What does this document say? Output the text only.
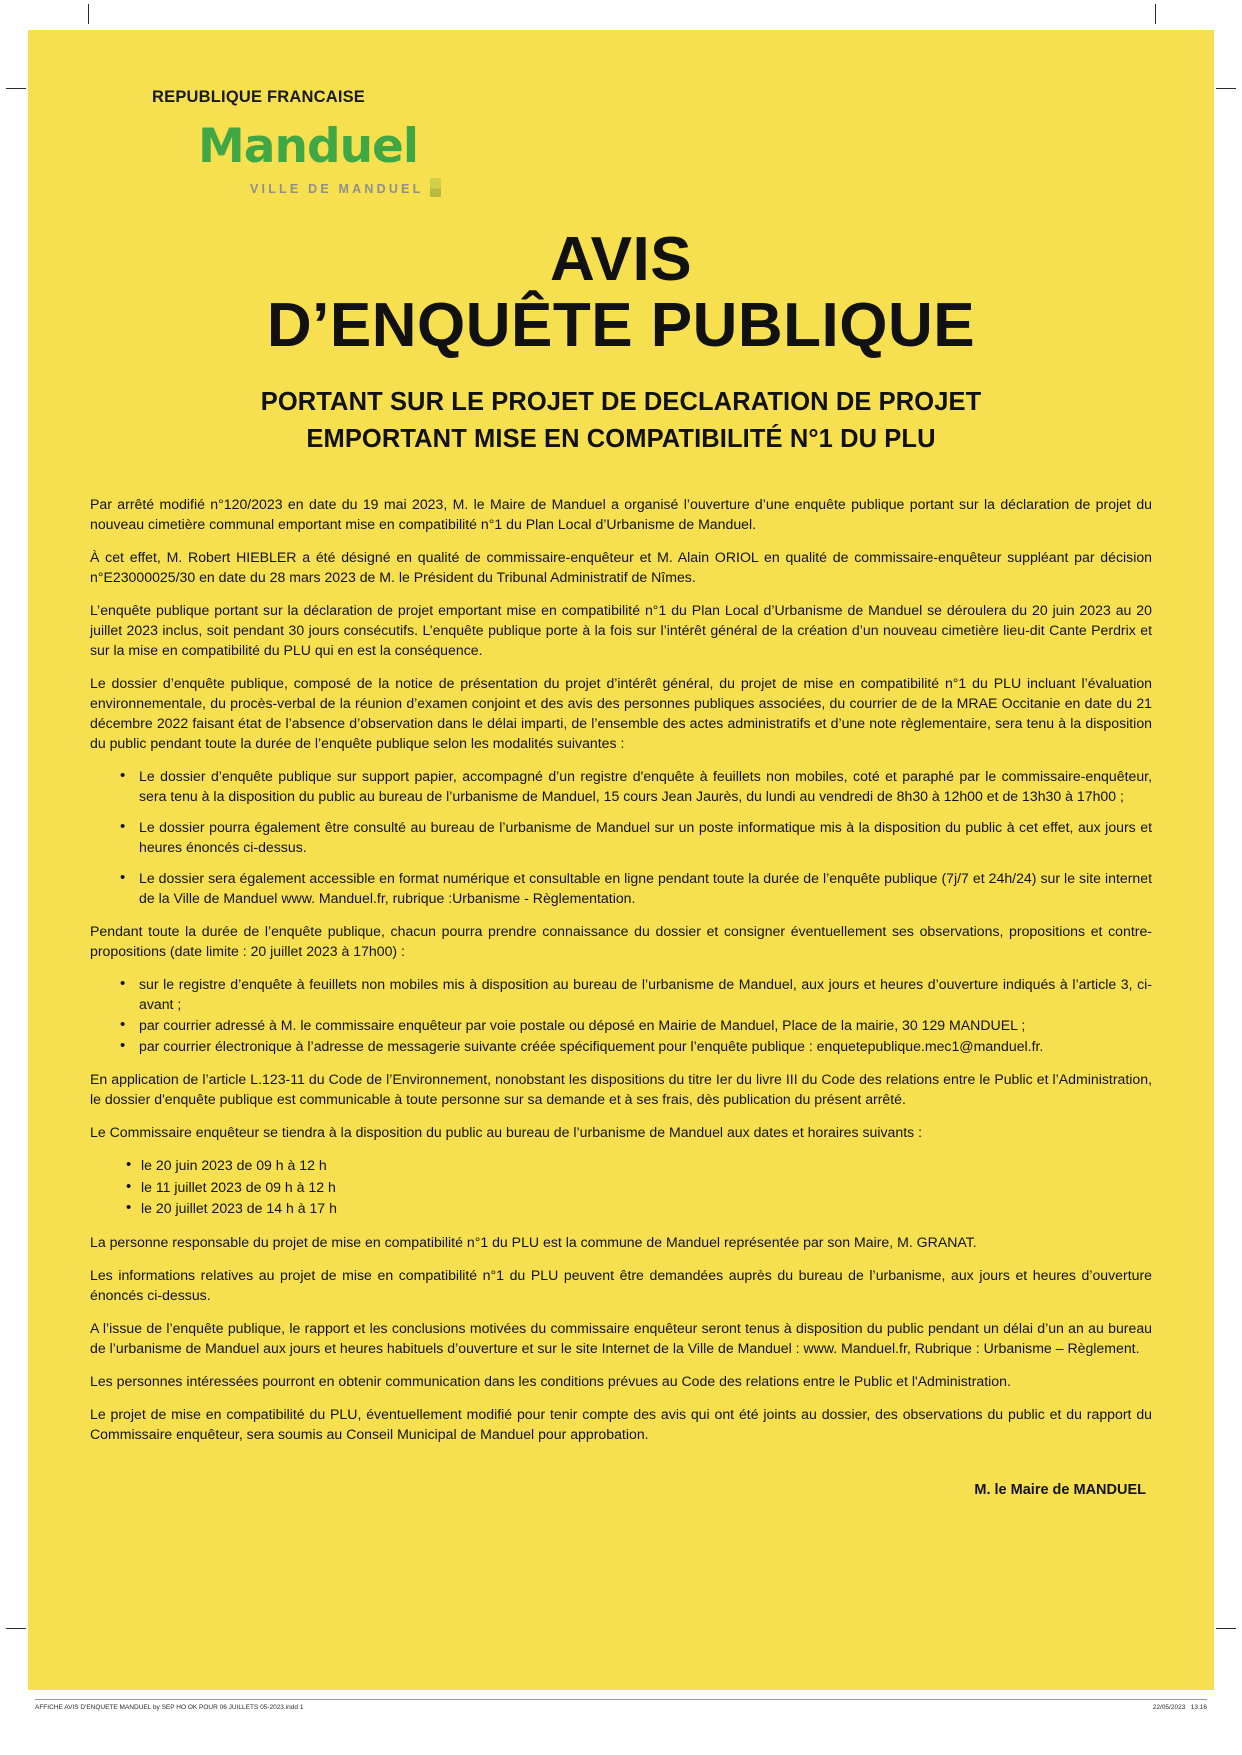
REPUBLIQUE FRANCAISE
Manduel
VILLE DE MANDUEL
AVIS
D’ENQUÊTE PUBLIQUE
PORTANT SUR LE PROJET DE DECLARATION DE PROJET
EMPORTANT MISE EN COMPATIBILITÉ N°1 DU PLU

Par arrêté modifié n°120/2023 en date du 19 mai 2023, M. le Maire de Manduel a organisé l’ouverture d’une enquête publique portant sur la déclaration de projet du nouveau cimetière communal emportant mise en compatibilité n°1 du Plan Local d’Urbanisme de Manduel.

À cet effet, M. Robert HIEBLER a été désigné en qualité de commissaire-enquêteur et M. Alain ORIOL en qualité de commissaire-enquêteur suppléant par décision n°E23000025/30 en date du 28 mars 2023 de M. le Président du Tribunal Administratif de Nîmes.

L’enquête publique portant sur la déclaration de projet emportant mise en compatibilité n°1 du Plan Local d’Urbanisme de Manduel se déroulera du 20 juin 2023 au 20 juillet 2023 inclus, soit pendant 30 jours consécutifs. L’enquête publique porte à la fois sur l’intérêt général de la création d’un nouveau cimetière lieu-dit Cante Perdrix et sur la mise en compatibilité du PLU qui en est la conséquence.

Le dossier d’enquête publique, composé de la notice de présentation du projet d’intérêt général, du projet de mise en compatibilité n°1 du PLU incluant l’évaluation environnementale, du procès-verbal de la réunion d’examen conjoint et des avis des personnes publiques associées, du courrier de de la MRAE Occitanie en date du 21 décembre 2022 faisant état de l’absence d’observation dans le délai imparti, de l’ensemble des actes administratifs et d’une note règlementaire, sera tenu à la disposition du public pendant toute la durée de l’enquête publique selon les modalités suivantes :

• Le dossier d’enquête publique sur support papier, accompagné d’un registre d'enquête à feuillets non mobiles, coté et paraphé par le commissaire-enquêteur, sera tenu à la disposition du public au bureau de l’urbanisme de Manduel, 15 cours Jean Jaurès, du lundi au vendredi de 8h30 à 12h00 et de 13h30 à 17h00 ;
• Le dossier pourra également être consulté au bureau de l’urbanisme de Manduel sur un poste informatique mis à la disposition du public à cet effet, aux jours et heures énoncés ci-dessus.
• Le dossier sera également accessible en format numérique et consultable en ligne pendant toute la durée de l’enquête publique (7j/7 et 24h/24) sur le site internet de la Ville de Manduel www. Manduel.fr, rubrique :Urbanisme - Règlementation.

Pendant toute la durée de l’enquête publique, chacun pourra prendre connaissance du dossier et consigner éventuellement ses observations, propositions et contre-propositions (date limite : 20 juillet 2023 à 17h00) :

• sur le registre d’enquête à feuillets non mobiles mis à disposition au bureau de l’urbanisme de Manduel, aux jours et heures d’ouverture indiqués à l’article 3, ci-avant ;
• par courrier adressé à M. le commissaire enquêteur par voie postale ou déposé en Mairie de Manduel, Place de la mairie, 30 129 MANDUEL ;
• par courrier électronique à l’adresse de messagerie suivante créée spécifiquement pour l’enquête publique : enquetepublique.mec1@manduel.fr.

En application de l’article L.123-11 du Code de l’Environnement, nonobstant les dispositions du titre Ier du livre III du Code des relations entre le Public et l’Administration, le dossier d'enquête publique est communicable à toute personne sur sa demande et à ses frais, dès publication du présent arrêté.

Le Commissaire enquêteur se tiendra à la disposition du public au bureau de l’urbanisme de Manduel aux dates et horaires suivants :

• le 20 juin 2023 de 09 h à 12 h
• le 11 juillet 2023 de 09 h à 12 h
• le 20 juillet 2023 de 14 h à 17 h

La personne responsable du projet de mise en compatibilité n°1 du PLU est la commune de Manduel représentée par son Maire, M. GRANAT.

Les informations relatives au projet de mise en compatibilité n°1 du PLU peuvent être demandées auprès du bureau de l’urbanisme, aux jours et heures d’ouverture énoncés ci-dessus.

A l’issue de l’enquête publique, le rapport et les conclusions motivées du commissaire enquêteur seront tenus à disposition du public pendant un délai d’un an au bureau de l’urbanisme de Manduel aux jours et heures habituels d’ouverture et sur le site Internet de la Ville de Manduel : www. Manduel.fr, Rubrique : Urbanisme – Règlement.

Les personnes intéressées pourront en obtenir communication dans les conditions prévues au Code des relations entre le Public et l'Administration.

Le projet de mise en compatibilité du PLU, éventuellement modifié pour tenir compte des avis qui ont été joints au dossier, des observations du public et du rapport du Commissaire enquêteur, sera soumis au Conseil Municipal de Manduel pour approbation.

M. le Maire de MANDUEL
AFFICHE AVIS D'ENQUETE MANDUEL by SEP HO OK POUR 06 JUILLETS 05-2023.indd 1	22/05/2023   13:16
